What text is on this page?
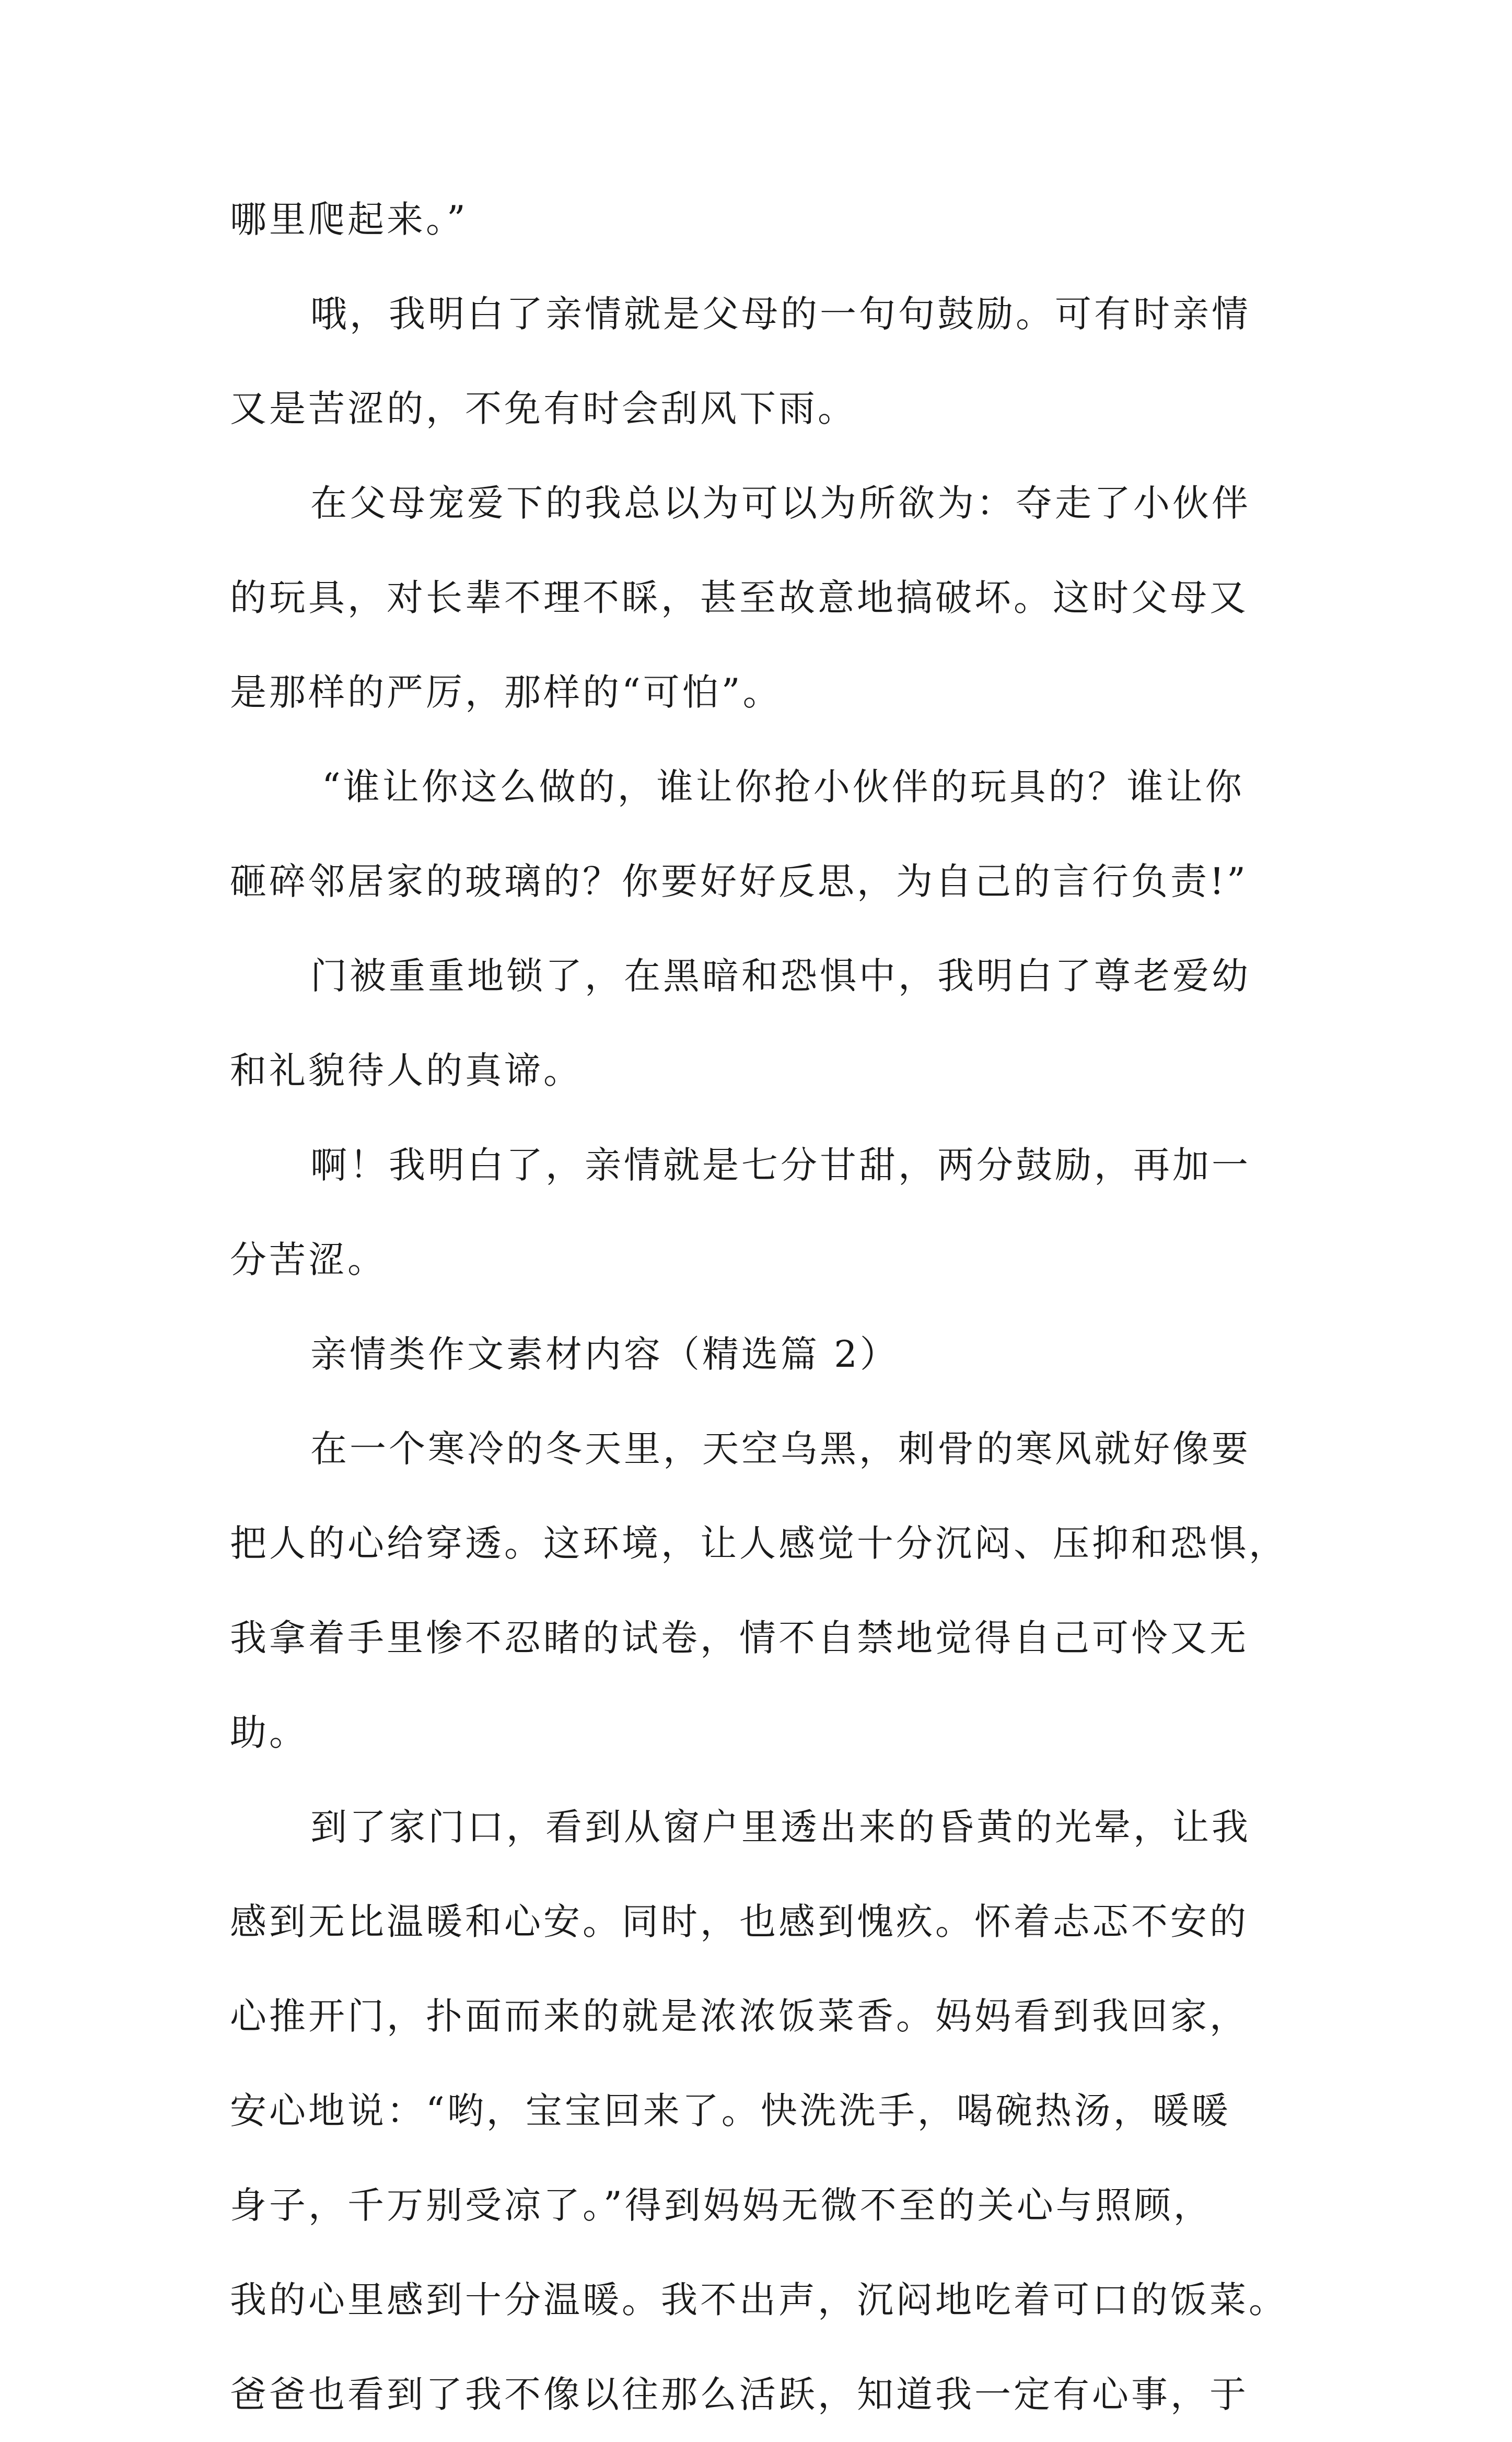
哪里爬起来。”
哦，我明白了亲情就是父母的一句句鼓励。可有时亲情
又是苦涩的，不免有时会刮风下雨。
在父母宠爱下的我总以为可以为所欲为：夺走了小伙伴
的玩具，对长辈不理不睬，甚至故意地搞破坏。这时父母又
是那样的严厉，那样的“可怕”。
“谁让你这么做的，谁让你抢小伙伴的玩具的？谁让你
砸碎邻居家的玻璃的？你要好好反思，为自己的言行负责!”
门被重重地锁了，在黑暗和恐惧中，我明白了尊老爱幼
和礼貌待人的真谛。
啊！我明白了，亲情就是七分甘甜，两分鼓励，再加一
分苦涩。
亲情类作文素材内容（精选篇 2）
在一个寒冷的冬天里，天空乌黑，刺骨的寒风就好像要
把人的心给穿透。这环境，让人感觉十分沉闷、压抑和恐惧，
我拿着手里惨不忍睹的试卷，情不自禁地觉得自己可怜又无
助。
到了家门口，看到从窗户里透出来的昏黄的光晕，让我
感到无比温暖和心安。同时，也感到愧疚。怀着忐忑不安的
心推开门，扑面而来的就是浓浓饭菜香。妈妈看到我回家，
安心地说：“哟，宝宝回来了。快洗洗手，喝碗热汤，暖暖
身子，千万别受凉了。”得到妈妈无微不至的关心与照顾，
我的心里感到十分温暖。我不出声，沉闷地吃着可口的饭菜。
爸爸也看到了我不像以往那么活跃，知道我一定有心事，于
